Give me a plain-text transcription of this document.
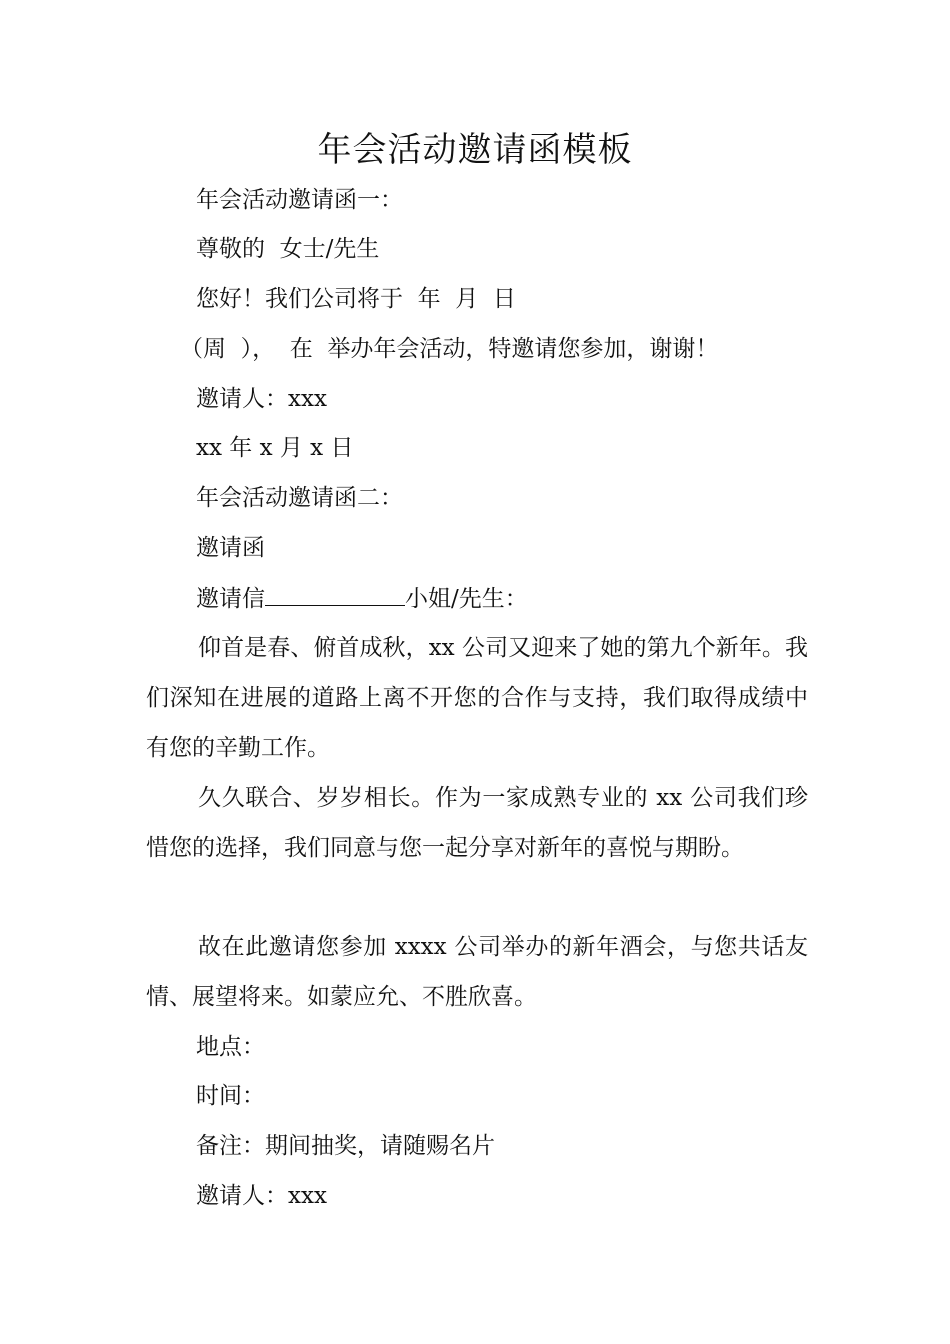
年会活动邀请函模板

年会活动邀请函一：

尊敬的  女士/先生

您好！我们公司将于  年  月  日

（周  ），  在  举办年会活动，特邀请您参加，谢谢！

邀请人：xxx

xx 年 x 月 x 日

年会活动邀请函二：

邀请函

邀请信	小姐/先生：

仰首是春、俯首成秋，xx 公司又迎来了她的第九个新年。我们深知在进展的道路上离不开您的合作与支持，我们取得成绩中有您的辛勤工作。

久久联合、岁岁相长。作为一家成熟专业的 xx 公司我们珍惜您的选择，我们同意与您一起分享对新年的喜悦与期盼。

故在此邀请您参加 xxxx 公司举办的新年酒会，与您共话友情、展望将来。如蒙应允、不胜欣喜。

地点：

时间：

备注：期间抽奖，请随赐名片

邀请人：xxx
